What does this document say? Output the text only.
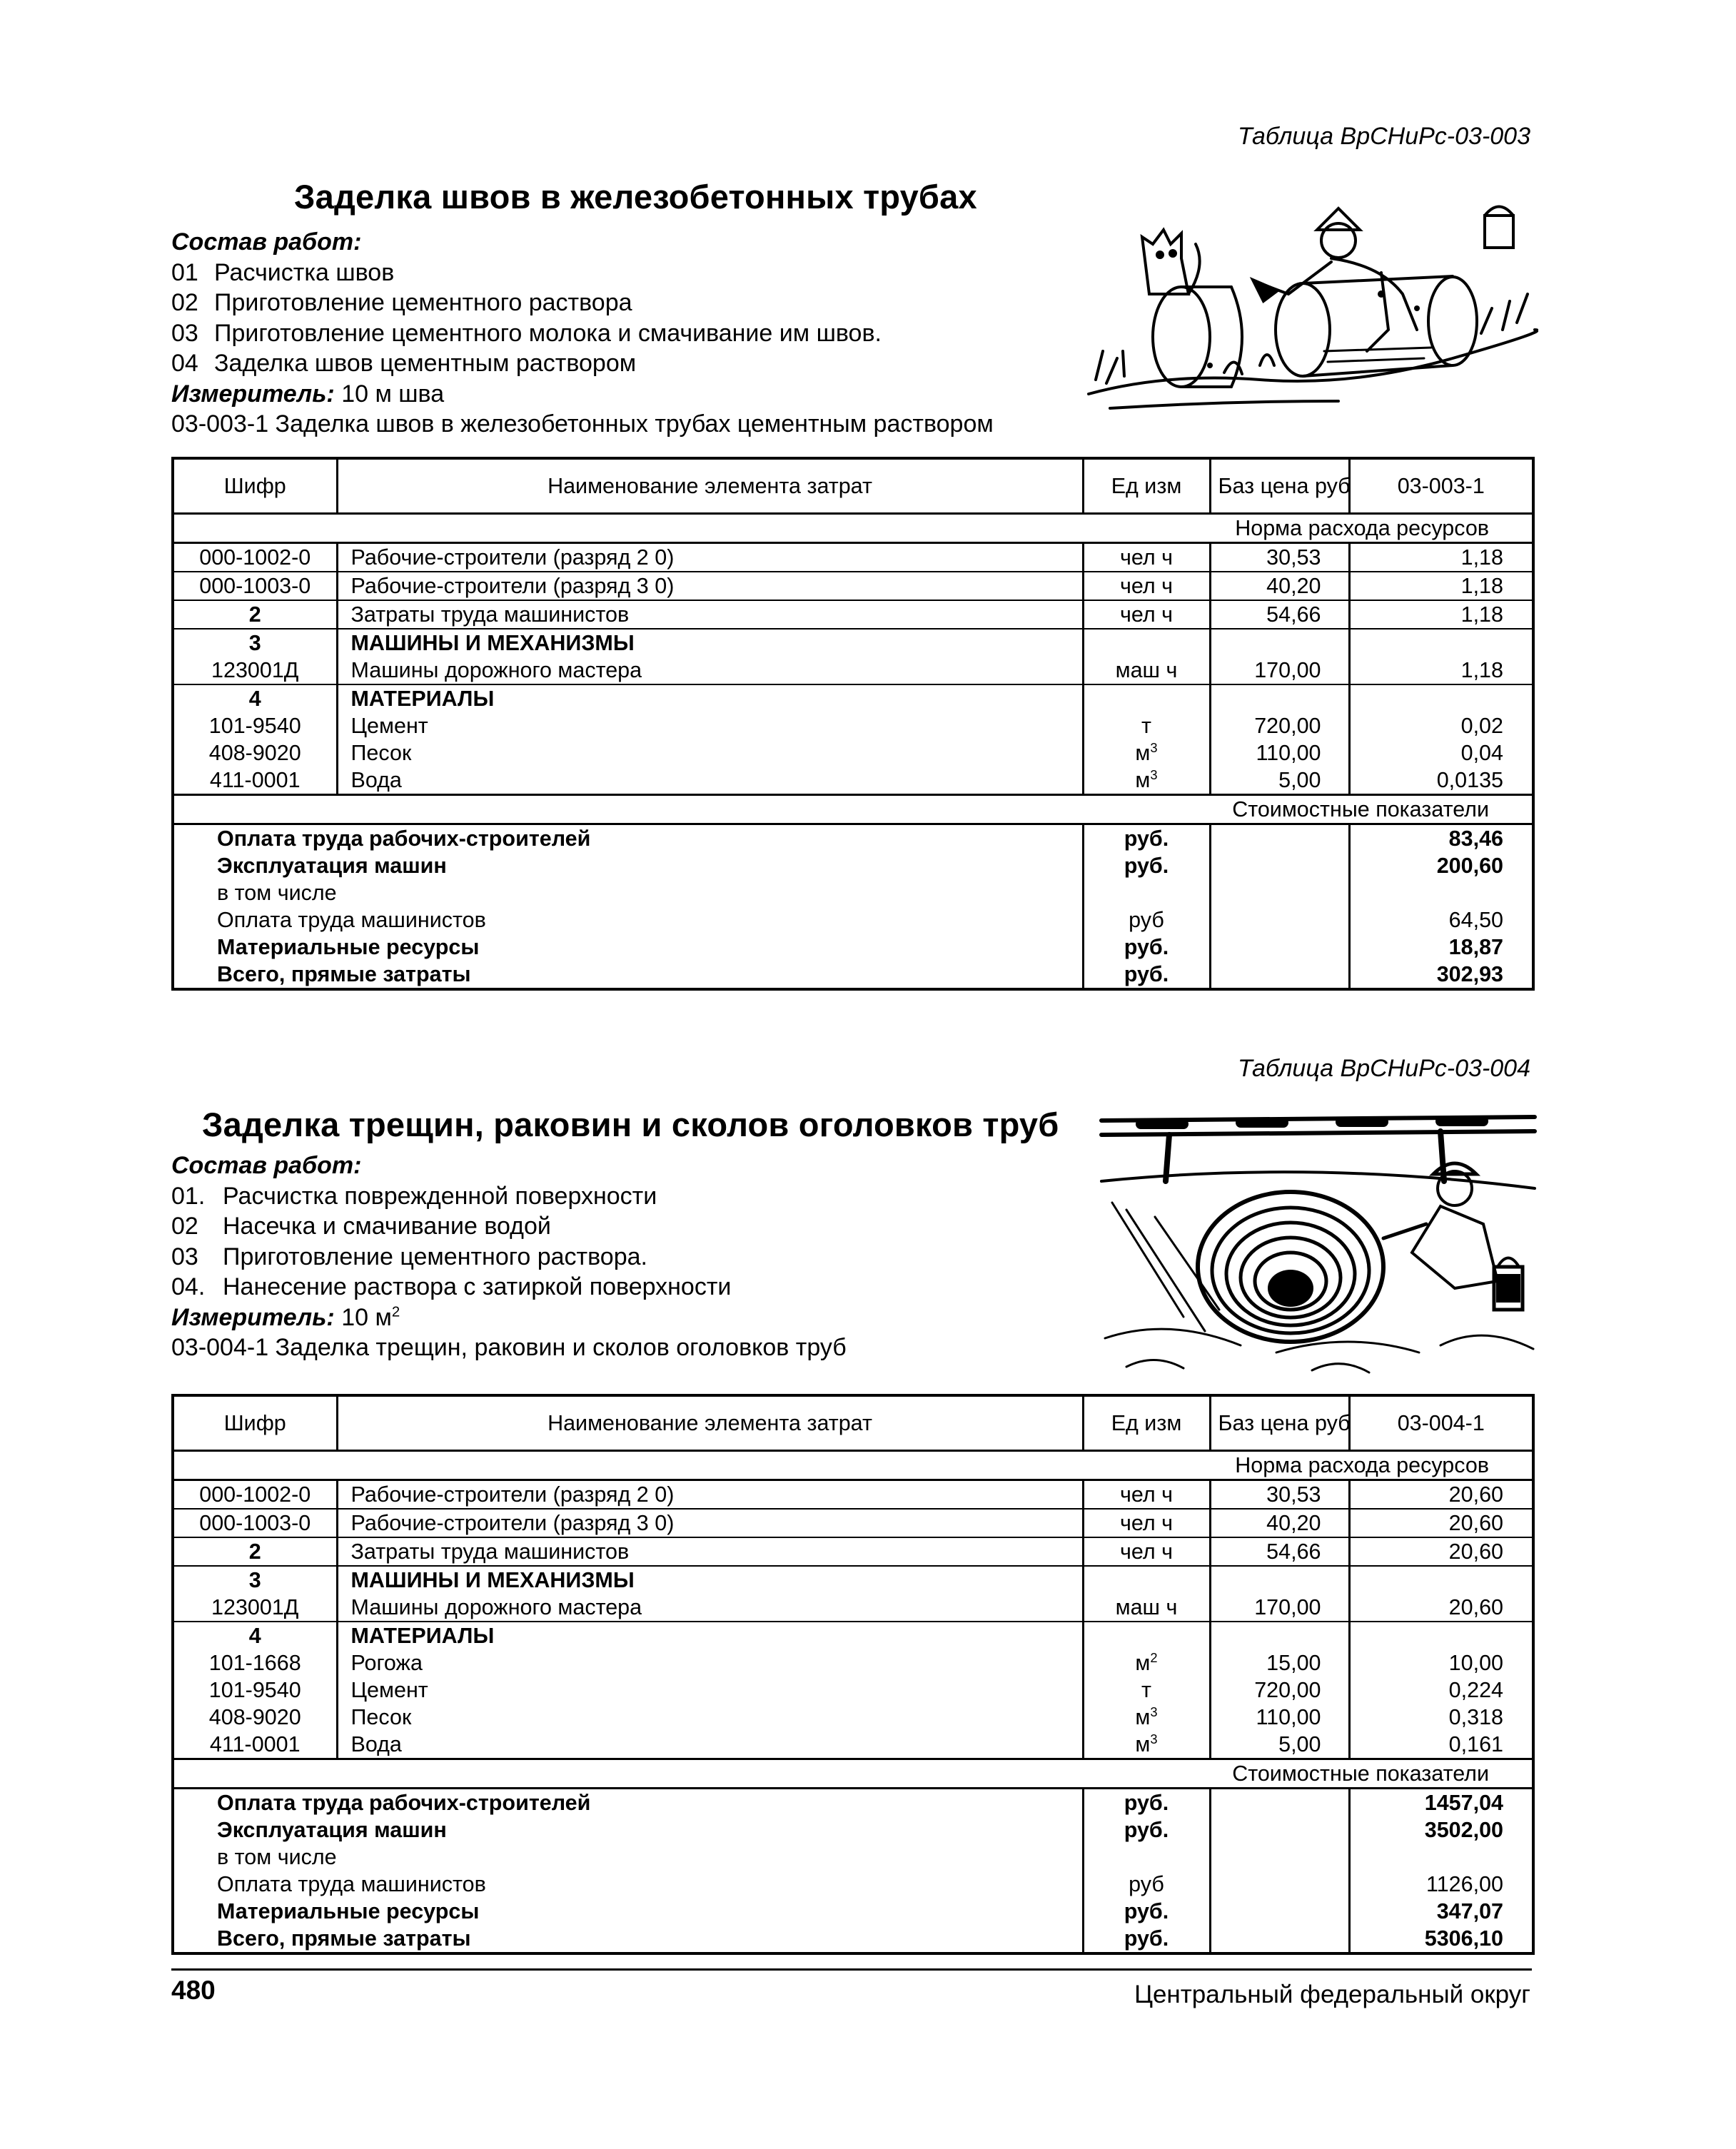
Таблица ВрСНиРс-03-003
Заделка швов в железобетонных трубах
Состав работ:
01 Расчистка швов
02 Приготовление цементного раствора
03 Приготовление цементного молока и смачивание им швов.
04 Заделка швов цементным раствором
Измеритель: 10 м шва
03-003-1 Заделка швов в железобетонных трубах цементным раствором
Шифр	Наименование элемента затрат	Ед изм	Баз цена руб	03-003-1
Норма расхода ресурсов				
000-1002-0	Рабочие-строители (разряд 2 0)	чел ч	30,53	1,18
000-1003-0	Рабочие-строители (разряд 3 0)	чел ч	40,20	1,18
2	Затраты труда машинистов	чел ч	54,66	1,18
3	МАШИНЫ И МЕХАНИЗМЫ			
123001Д	Машины дорожного мастера	маш ч	170,00	1,18
4	МАТЕРИАЛЫ			
101-9540	Цемент	т	720,00	0,02
408-9020	Песок	$м^3$	110,00	0,04
411-0001	Вода	$м^3$	5,00	0,0135
Стоимостные показатели				
Оплата труда рабочих-строителей		руб.		83,46
Эксплуатация машин		руб.		200,60
в том числе				
Оплата труда машинистов		руб		64,50
Материальные ресурсы		руб.		18,87
Всего, прямые затраты		руб.		302,93
Таблица ВрСНиРс-03-004
Заделка трещин, раковин и сколов оголовков труб
Состав работ:
01. Расчистка поврежденной поверхности
02 Насечка и смачивание водой
03 Приготовление цементного раствора.
04. Нанесение раствора с затиркой поверхности
Измеритель: 10 $м^2$
03-004-1 Заделка трещин, раковин и сколов оголовков труб
Шифр	Наименование элемента затрат	Ед изм	Баз цена руб	03-004-1
Норма расхода ресурсов				
000-1002-0	Рабочие-строители (разряд 2 0)	чел ч	30,53	20,60
000-1003-0	Рабочие-строители (разряд 3 0)	чел ч	40,20	20,60
2	Затраты труда машинистов	чел ч	54,66	20,60
3	МАШИНЫ И МЕХАНИЗМЫ			
123001Д	Машины дорожного мастера	маш ч	170,00	20,60
4	МАТЕРИАЛЫ			
101-1668	Рогожа	$м^2$	15,00	10,00
101-9540	Цемент	т	720,00	0,224
408-9020	Песок	$м^3$	110,00	0,318
411-0001	Вода	$м^3$	5,00	0,161
Стоимостные показатели				
Оплата труда рабочих-строителей		руб.		1457,04
Эксплуатация машин		руб.		3502,00
в том числе				
Оплата труда машинистов		руб		1126,00
Материальные ресурсы		руб.		347,07
Всего, прямые затраты		руб.		5306,10
480	Центральный федеральный округ
